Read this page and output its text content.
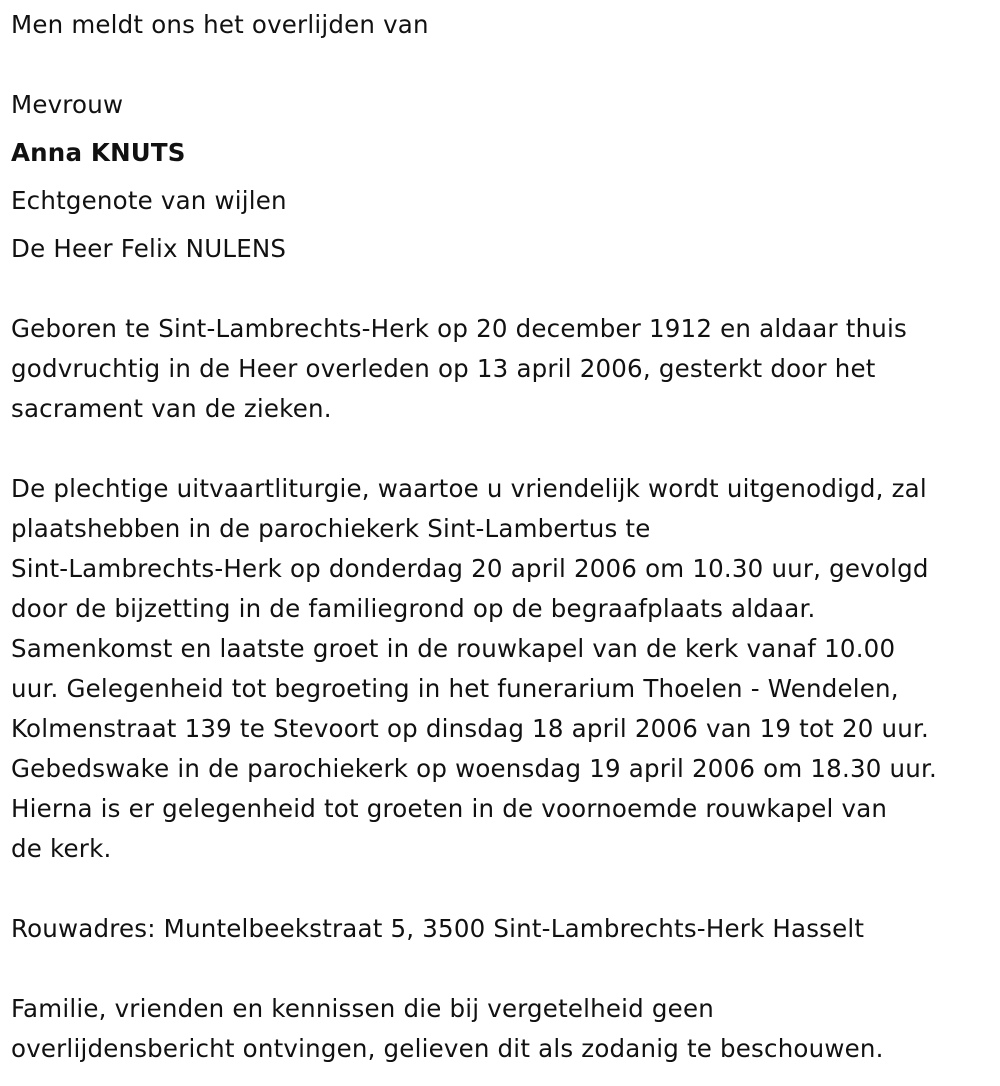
Men meldt ons het overlijden van
Mevrouw
Anna KNUTS
Echtgenote van wijlen
De Heer Felix NULENS
Geboren te Sint-Lambrechts-Herk op 20 december 1912 en aldaar thuis
godvruchtig in de Heer overleden op 13 april 2006, gesterkt door het
sacrament van de zieken.
De plechtige uitvaartliturgie, waartoe u vriendelijk wordt uitgenodigd, zal
plaatshebben in de parochiekerk Sint-Lambertus te
Sint-Lambrechts-Herk op donderdag 20 april 2006 om 10.30 uur, gevolgd
door de bijzetting in de familiegrond op de begraafplaats aldaar.
Samenkomst en laatste groet in de rouwkapel van de kerk vanaf 10.00
uur. Gelegenheid tot begroeting in het funerarium Thoelen - Wendelen,
Kolmenstraat 139 te Stevoort op dinsdag 18 april 2006 van 19 tot 20 uur.
Gebedswake in de parochiekerk op woensdag 19 april 2006 om 18.30 uur.
Hierna is er gelegenheid tot groeten in de voornoemde rouwkapel van
de kerk.
Rouwadres: Muntelbeekstraat 5, 3500 Sint-Lambrechts-Herk Hasselt
Familie, vrienden en kennissen die bij vergetelheid geen
overlijdensbericht ontvingen, gelieven dit als zodanig te beschouwen.
